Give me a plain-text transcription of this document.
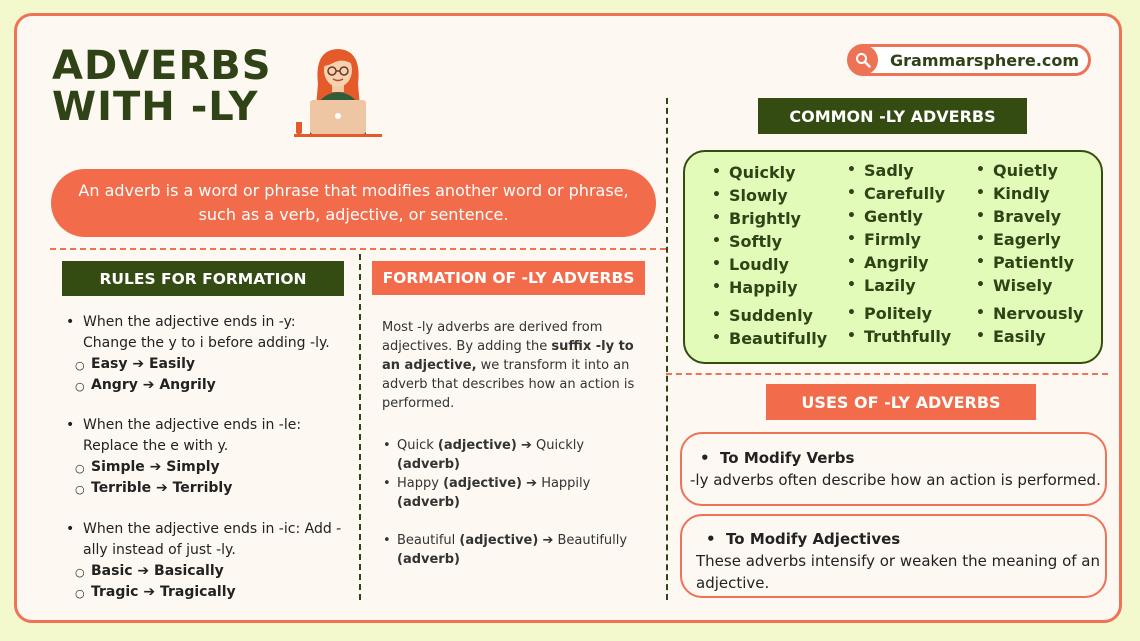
ADVERBS
WITH -LY
Grammarsphere.com
An adverb is a word or phrase that modifies another word or phrase, such as a verb, adjective, or sentence.
RULES FOR FORMATION
• When the adjective ends in -y: Change the y to i before adding -ly.
○ Easy ➔ Easily
○ Angry ➔ Angrily
• When the adjective ends in -le: Replace the e with y.
○ Simple ➔ Simply
○ Terrible ➔ Terribly
• When the adjective ends in -ic: Add -ally instead of just -ly.
○ Basic ➔ Basically
○ Tragic ➔ Tragically
FORMATION OF -LY ADVERBS
Most -ly adverbs are derived from adjectives. By adding the suffix -ly to an adjective, we transform it into an adverb that describes how an action is performed.
• Quick (adjective) ➔ Quickly (adverb)
• Happy (adjective) ➔ Happily (adverb)
• Beautiful (adjective) ➔ Beautifully (adverb)
COMMON -LY ADVERBS
• Quickly
• Slowly
• Brightly
• Softly
• Loudly
• Happily
• Suddenly
• Beautifully
• Sadly
• Carefully
• Gently
• Firmly
• Angrily
• Lazily
• Politely
• Truthfully
• Quietly
• Kindly
• Bravely
• Eagerly
• Patiently
• Wisely
• Nervously
• Easily
USES OF -LY ADVERBS
•  To Modify Verbs
-ly adverbs often describe how an action is performed.
•  To Modify Adjectives
These adverbs intensify or weaken the meaning of an adjective.
